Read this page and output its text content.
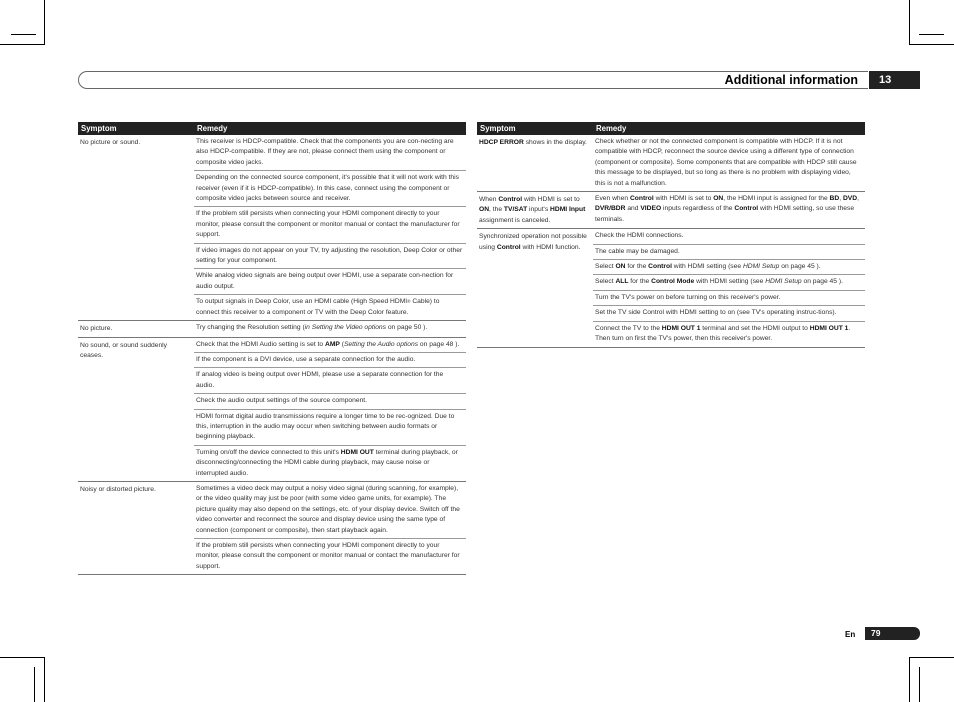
Additional information	13
Symptom	Remedy
No picture or sound.	This receiver is HDCP-compatible. Check that the components you are con-necting are also HDCP-compatible. If they are not, please connect them using the component or composite video jacks.
	Depending on the connected source component, it's possible that it will not work with this receiver (even if it is HDCP-compatible). In this case, connect using the component or composite video jacks between source and receiver.
	If the problem still persists when connecting your HDMI component directly to your monitor, please consult the component or monitor manual or contact the manufacturer for support.
	If video images do not appear on your TV, try adjusting the resolution, Deep Color or other setting for your component.
	While analog video signals are being output over HDMI, use a separate con-nection for audio output.
	To output signals in Deep Color, use an HDMI cable (High Speed HDMI® Cable) to connect this receiver to a component or TV with the Deep Color feature.
No picture.	Try changing the Resolution setting (in Setting the Video options on page 50 ).
No sound, or sound suddenly ceases.	Check that the HDMI Audio setting is set to AMP (Setting the Audio options on page 48 ).
	If the component is a DVI device, use a separate connection for the audio.
	If analog video is being output over HDMI, please use a separate connection for the audio.
	Check the audio output settings of the source component.
	HDMI format digital audio transmissions require a longer time to be rec-ognized. Due to this, interruption in the audio may occur when switching between audio formats or beginning playback.
	Turning on/off the device connected to this unit's HDMI OUT terminal during playback, or disconnecting/connecting the HDMI cable during playback, may cause noise or interrupted audio.
Noisy or distorted picture.	Sometimes a video deck may output a noisy video signal (during scanning, for example), or the video quality may just be poor (with some video game units, for example). The picture quality may also depend on the settings, etc. of your display device. Switch off the video converter and reconnect the source and display device using the same type of connection (component or composite), then start playback again.
	If the problem still persists when connecting your HDMI component directly to your monitor, please consult the component or monitor manual or contact the manufacturer for support.
Symptom	Remedy
HDCP ERROR shows in the display.	Check whether or not the connected component is compatible with HDCP. If it is not compatible with HDCP, reconnect the source device using a different type of connection (component or composite). Some components that are compatible with HDCP still cause this message to be displayed, but so long as there is no problem with displaying video, this is not a malfunction.
When Control with HDMI is set to ON, the TV/SAT input's HDMI Input assignment is canceled.	Even when Control with HDMI is set to ON, the HDMI input is assigned for the BD, DVD, DVR/BDR and VIDEO inputs regardless of the Control with HDMI setting, so use these terminals.
Synchronized operation not possible using Control with HDMI function.	Check the HDMI connections.
	The cable may be damaged.
	Select ON for the Control with HDMI setting (see HDMI Setup on page 45 ).
	Select ALL for the Control Mode with HDMI setting (see HDMI Setup on page 45 ).
	Turn the TV's power on before turning on this receiver's power.
	Set the TV side Control with HDMI setting to on (see TV's operating instruc-tions).
	Connect the TV to the HDMI OUT 1 terminal and set the HDMI output to HDMI OUT 1. Then turn on first the TV's power, then this receiver's power.
En	79
